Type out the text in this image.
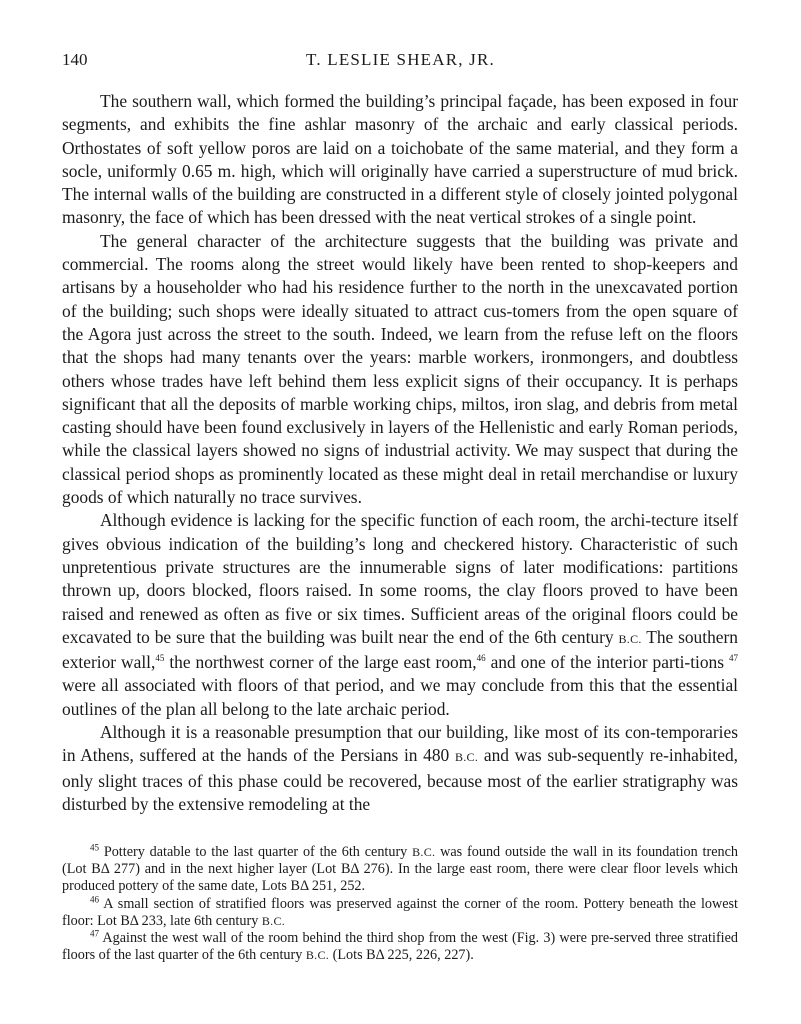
140	T. LESLIE SHEAR, JR.

The southern wall, which formed the building’s principal façade, has been exposed in four segments, and exhibits the fine ashlar masonry of the archaic and early classical periods. Orthostates of soft yellow poros are laid on a toichobate of the same material, and they form a socle, uniformly 0.65 m. high, which will originally have carried a superstructure of mud brick. The internal walls of the building are constructed in a different style of closely jointed polygonal masonry, the face of which has been dressed with the neat vertical strokes of a single point.

The general character of the architecture suggests that the building was private and commercial. The rooms along the street would likely have been rented to shop-keepers and artisans by a householder who had his residence further to the north in the unexcavated portion of the building; such shops were ideally situated to attract cus-tomers from the open square of the Agora just across the street to the south. Indeed, we learn from the refuse left on the floors that the shops had many tenants over the years: marble workers, ironmongers, and doubtless others whose trades have left behind them less explicit signs of their occupancy. It is perhaps significant that all the deposits of marble working chips, miltos, iron slag, and debris from metal casting should have been found exclusively in layers of the Hellenistic and early Roman periods, while the classical layers showed no signs of industrial activity. We may suspect that during the classical period shops as prominently located as these might deal in retail merchandise or luxury goods of which naturally no trace survives.

Although evidence is lacking for the specific function of each room, the archi-tecture itself gives obvious indication of the building’s long and checkered history. Characteristic of such unpretentious private structures are the innumerable signs of later modifications: partitions thrown up, doors blocked, floors raised. In some rooms, the clay floors proved to have been raised and renewed as often as five or six times. Sufficient areas of the original floors could be excavated to be sure that the building was built near the end of the 6th century B.C. The southern exterior wall,$^{45}$ the northwest corner of the large east room,$^{46}$ and one of the interior parti-tions $^{47}$ were all associated with floors of that period, and we may conclude from this that the essential outlines of the plan all belong to the late archaic period.

Although it is a reasonable presumption that our building, like most of its con-temporaries in Athens, suffered at the hands of the Persians in 480 B.C. and was sub-sequently re-inhabited, only slight traces of this phase could be recovered, because most of the earlier stratigraphy was disturbed by the extensive remodeling at the

$^{45}$ Pottery datable to the last quarter of the 6th century B.C. was found outside the wall in its foundation trench (Lot ΒΔ 277) and in the next higher layer (Lot ΒΔ 276). In the large east room, there were clear floor levels which produced pottery of the same date, Lots ΒΔ 251, 252.

$^{46}$ A small section of stratified floors was preserved against the corner of the room. Pottery beneath the lowest floor: Lot ΒΔ 233, late 6th century B.C.

$^{47}$ Against the west wall of the room behind the third shop from the west (Fig. 3) were pre-served three stratified floors of the last quarter of the 6th century B.C. (Lots ΒΔ 225, 226, 227).
